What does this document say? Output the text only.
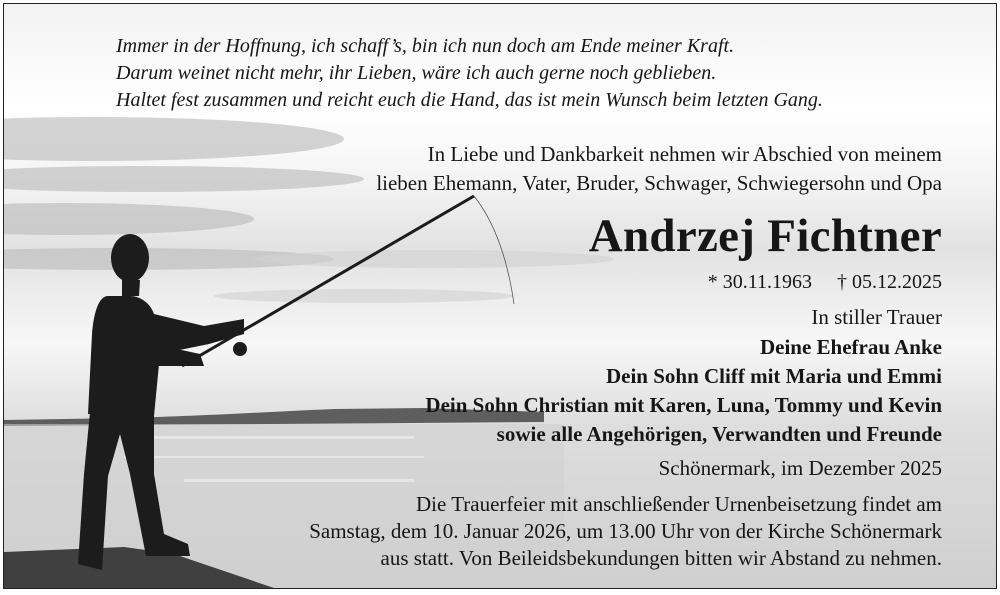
Immer in der Hoffnung, ich schaff’s, bin ich nun doch am Ende meiner Kraft.
Darum weinet nicht mehr, ihr Lieben, wäre ich auch gerne noch geblieben.
Haltet fest zusammen und reicht euch die Hand, das ist mein Wunsch beim letzten Gang.
In Liebe und Dankbarkeit nehmen wir Abschied von meinem
lieben Ehemann, Vater, Bruder, Schwager, Schwiegersohn und Opa
Andrzej Fichtner
* 30.11.1963 † 05.12.2025
In stiller Trauer
Deine Ehefrau Anke
Dein Sohn Cliff mit Maria und Emmi
Dein Sohn Christian mit Karen, Luna, Tommy und Kevin
sowie alle Angehörigen, Verwandten und Freunde
Schönermark, im Dezember 2025
Die Trauerfeier mit anschließender Urnenbeisetzung findet am
Samstag, dem 10. Januar 2026, um 13.00 Uhr von der Kirche Schönermark
aus statt. Von Beileidsbekundungen bitten wir Abstand zu nehmen.
